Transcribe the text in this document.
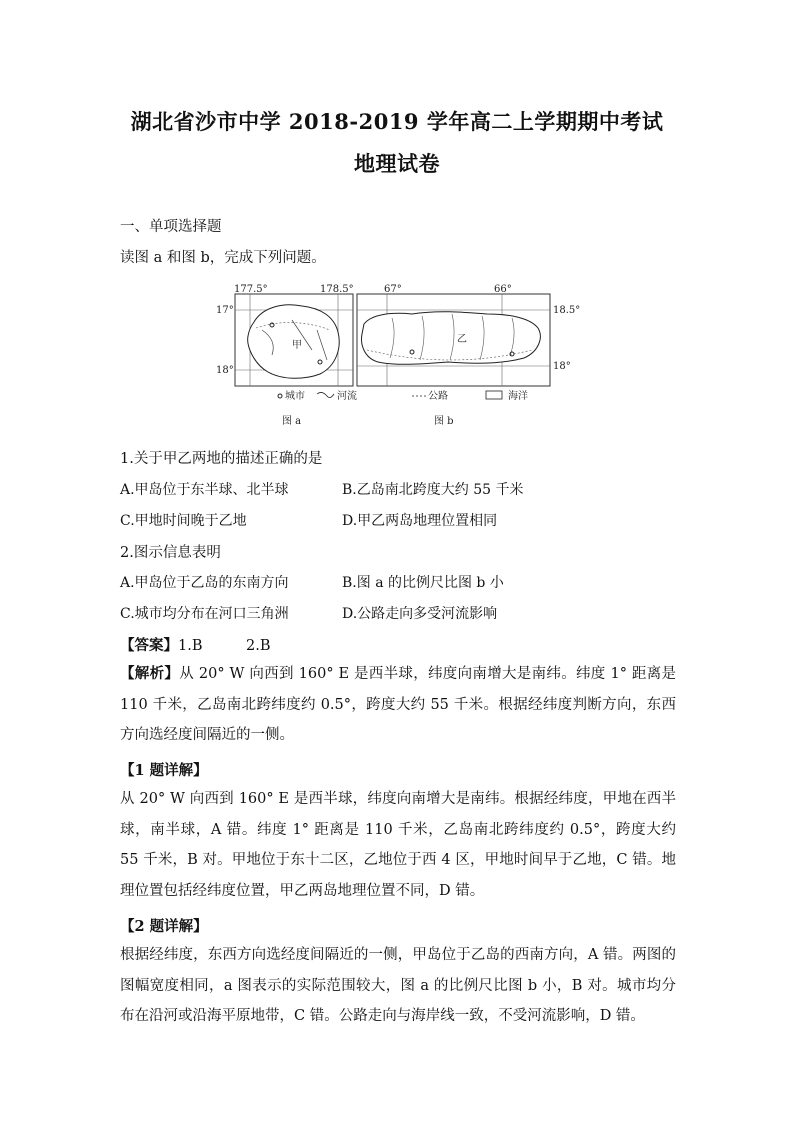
湖北省沙市中学 2018-2019 学年高二上学期期中考试
地理试卷
一、单项选择题
读图 a 和图 b，完成下列问题。
甲
177.5°	178.5°
17°
18°
乙
67°	66°
18.5°
18°
城市	河流	公路	海洋
图 a	图 b
1.关于甲乙两地的描述正确的是
A.甲岛位于东半球、北半球	B.乙岛南北跨度大约 55 千米
C.甲地时间晚于乙地	D.甲乙两岛地理位置相同
2.图示信息表明
A.甲岛位于乙岛的东南方向	B.图 a 的比例尺比图 b 小
C.城市均分布在河口三角洲	D.公路走向多受河流影响
【答案】1.B　　　2.B
【解析】从 20° W 向西到 160° E 是西半球，纬度向南增大是南纬。纬度 1° 距离是 110 千米，乙岛南北跨纬度约 0.5°，跨度大约 55 千米。根据经纬度判断方向，东西方向选经度间隔近的一侧。
【1 题详解】
从 20° W 向西到 160° E 是西半球，纬度向南增大是南纬。根据经纬度，甲地在西半球，南半球，A 错。纬度 1° 距离是 110 千米，乙岛南北跨纬度约 0.5°，跨度大约 55 千米，B 对。甲地位于东十二区，乙地位于西 4 区，甲地时间早于乙地，C 错。地理位置包括经纬度位置，甲乙两岛地理位置不同，D 错。
【2 题详解】
根据经纬度，东西方向选经度间隔近的一侧，甲岛位于乙岛的西南方向，A 错。两图的图幅宽度相同，a 图表示的实际范围较大，图 a 的比例尺比图 b 小，B 对。城市均分布在沿河或沿海平原地带，C 错。公路走向与海岸线一致，不受河流影响，D 错。
